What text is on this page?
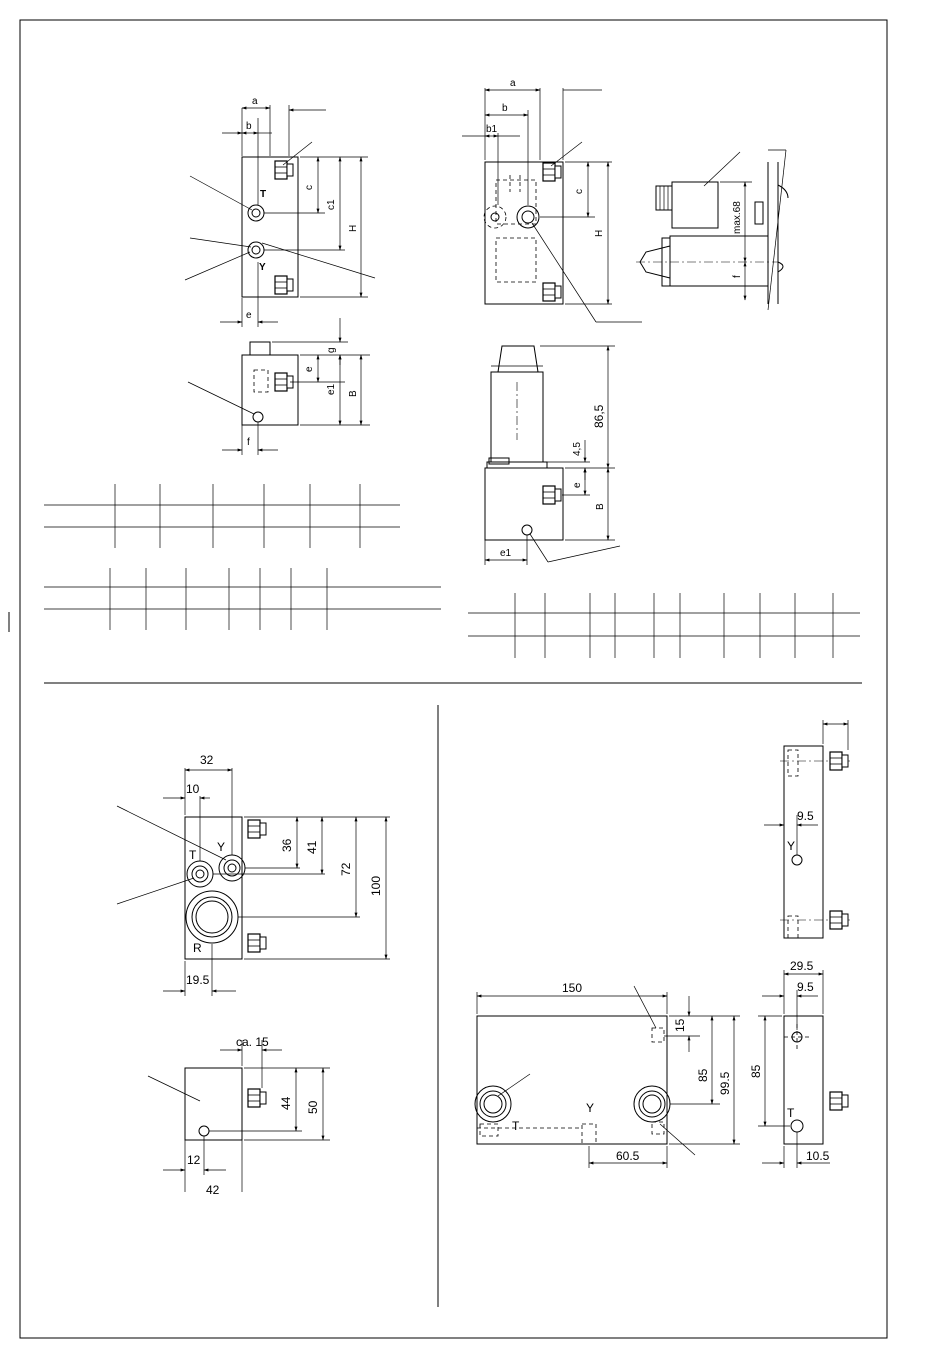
a
b
T
Y
c
c1
H
e
g
e
e1 B
f
a
b
b1
c
H	max.68
f
86,5
4,5
e
B
e1
T
Y
R
32
10
36 41
72
100
19.5
44 50
ca. 15
12
42
Y
9.5
T
29.5
9.5
85
10.5
T
Y
150
15
85 99.5
60.5
